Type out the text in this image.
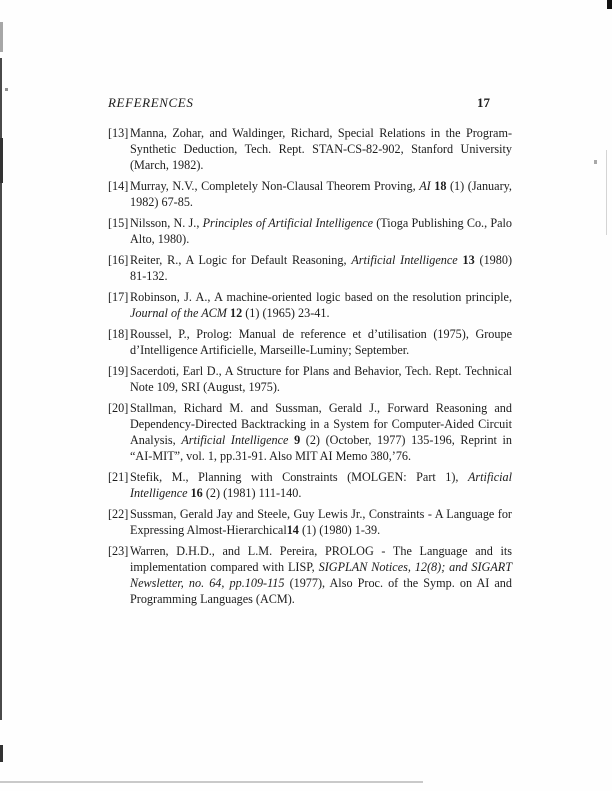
REFERENCES	17
[13] Manna, Zohar, and Waldinger, Richard, Special Relations in the Program-Synthetic Deduction, Tech. Rept. STAN-CS-82-902, Stanford University (March, 1982).
[14] Murray, N.V., Completely Non-Clausal Theorem Proving, AI 18 (1) (January, 1982) 67-85.
[15] Nilsson, N. J., Principles of Artificial Intelligence (Tioga Publishing Co., Palo Alto, 1980).
[16] Reiter, R., A Logic for Default Reasoning, Artificial Intelligence 13 (1980) 81-132.
[17] Robinson, J. A., A machine-oriented logic based on the resolution principle, Journal of the ACM 12 (1) (1965) 23-41.
[18] Roussel, P., Prolog: Manual de reference et d’utilisation (1975), Groupe d’Intelligence Artificielle, Marseille-Luminy; September.
[19] Sacerdoti, Earl D., A Structure for Plans and Behavior, Tech. Rept. Technical Note 109, SRI (August, 1975).
[20] Stallman, Richard M. and Sussman, Gerald J., Forward Reasoning and Dependency-Directed Backtracking in a System for Computer-Aided Circuit Analysis, Artificial Intelligence 9 (2) (October, 1977) 135-196, Reprint in “AI-MIT”, vol. 1, pp.31-91. Also MIT AI Memo 380,’76.
[21] Stefik, M., Planning with Constraints (MOLGEN: Part 1), Artificial Intelligence 16 (2) (1981) 111-140.
[22] Sussman, Gerald Jay and Steele, Guy Lewis Jr., Constraints - A Language for Expressing Almost-Hierarchical14 (1) (1980) 1-39.
[23] Warren, D.H.D., and L.M. Pereira, PROLOG - The Language and its implementation compared with LISP, SIGPLAN Notices, 12(8); and SIGART Newsletter, no. 64, pp.109-115 (1977), Also Proc. of the Symp. on AI and Programming Languages (ACM).
